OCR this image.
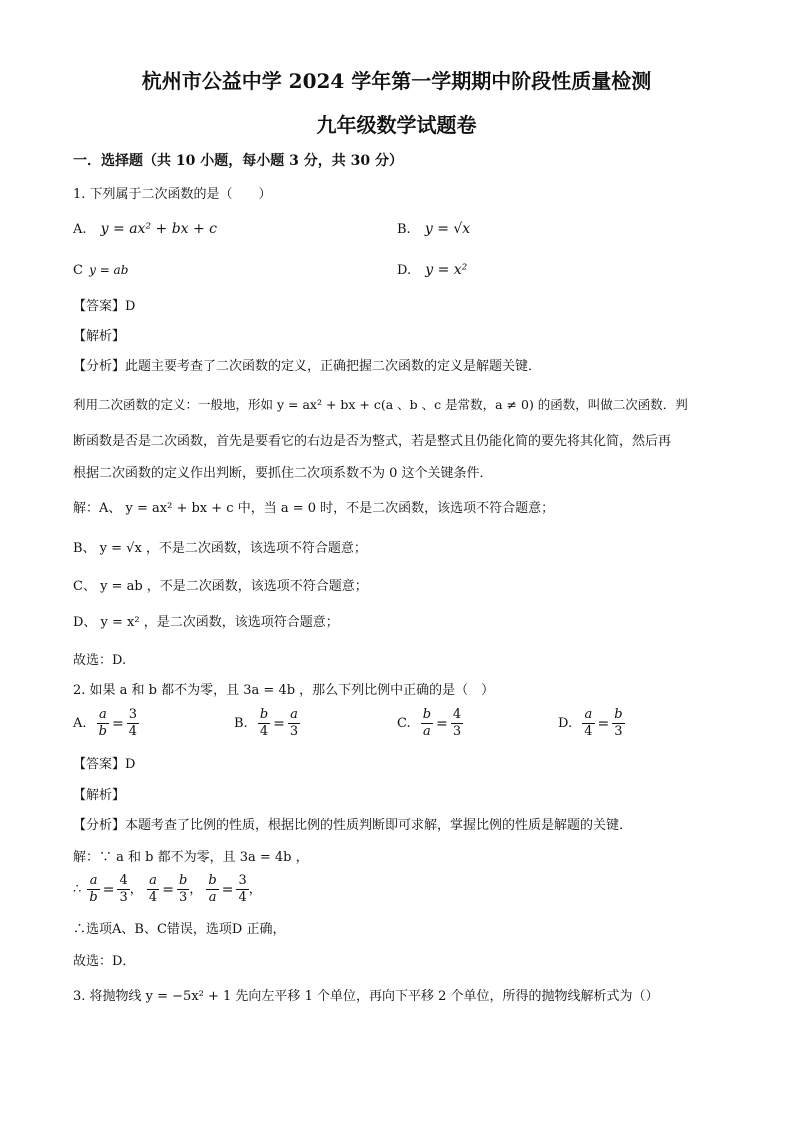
杭州市公益中学 2024 学年第一学期期中阶段性质量检测
九年级数学试题卷
一．选择题（共 10 小题，每小题 3 分，共 30 分）
1. 下列属于二次函数的是（　　）
A. y = ax² + bx + c	B. y = √x
C y = ab	D. y = x²
【答案】D
【解析】
【分析】此题主要考查了二次函数的定义，正确把握二次函数的定义是解题关键．
利用二次函数的定义：一般地，形如 y = ax² + bx + c(a 、b 、c 是常数，a ≠ 0) 的函数，叫做二次函数．判
断函数是否是二次函数，首先是要看它的右边是否为整式，若是整式且仍能化简的要先将其化简，然后再
根据二次函数的定义作出判断，要抓住二次项系数不为 0 这个关键条件．
解：A、 y = ax² + bx + c 中，当 a = 0 时，不是二次函数，该选项不符合题意；
B、 y = √x ，不是二次函数，该选项不符合题意；
C、 y = ab ，不是二次函数，该选项不符合题意；
D、 y = x² ，是二次函数，该选项符合题意；
故选：D.
2. 如果 a 和 b 都不为零，且 3a = 4b ，那么下列比例中正确的是（　）
A. $\frac{a}{b} = \frac{3}{4}$	B. $\frac{b}{4} = \frac{a}{3}$	C. $\frac{b}{a} = \frac{4}{3}$	D. $\frac{a}{4} = \frac{b}{3}$
【答案】D
【解析】
【分析】本题考查了比例的性质，根据比例的性质判断即可求解，掌握比例的性质是解题的关键．
解：∵ a 和 b 都不为零，且 3a = 4b ，
∴ $\frac{a}{b} = \frac{4}{3}$ ， $\frac{a}{4} = \frac{b}{3}$ ， $\frac{b}{a} = \frac{3}{4}$ ，
∴选项A、B、C错误，选项D 正确，
故选：D．
3. 将抛物线 y = −5x² + 1 先向左平移 1 个单位，再向下平移 2 个单位，所得的抛物线解析式为（）
